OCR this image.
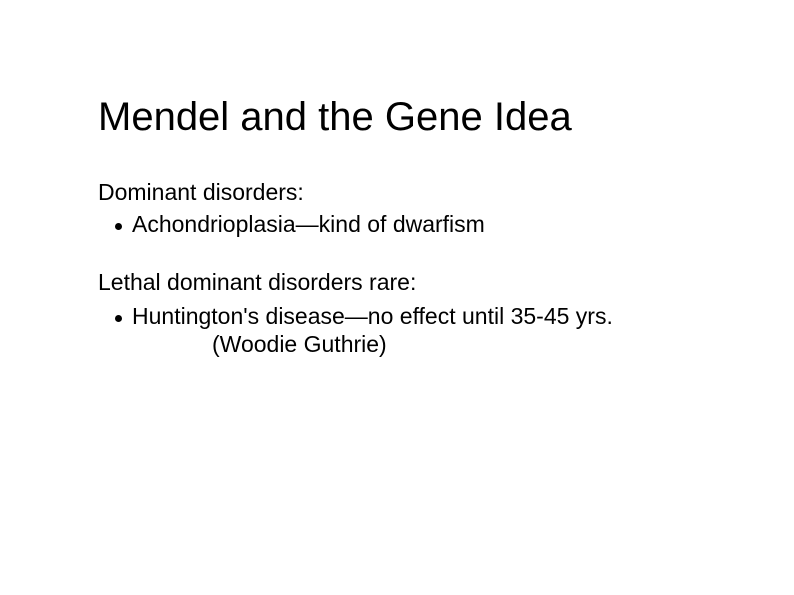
Mendel and the Gene Idea

Dominant disorders:

Achondrioplasia—kind of dwarfism

Lethal dominant disorders rare:

Huntington's disease—no effect until 35-45 yrs.

(Woodie Guthrie)
